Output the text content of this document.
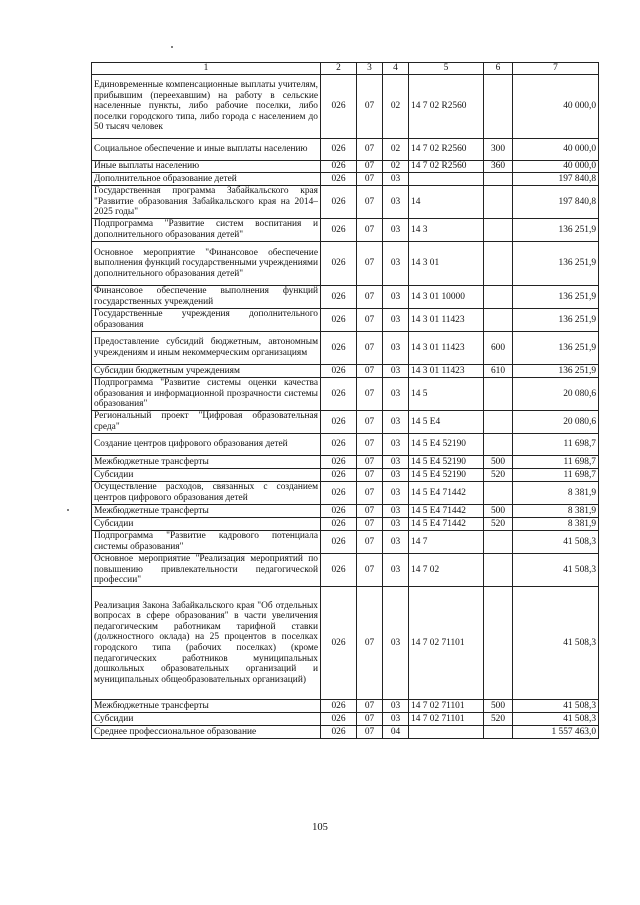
1	2	3	4	5	6	7
Единовременные компенсационные выплаты учителям, прибывшим (переехавшим) на работу в сельские населенные пункты, либо рабочие поселки, либо поселки городского типа, либо города с населением до 50 тысяч человек	026	07	02	14 7 02 R2560		40 000,0
Социальное обеспечение и иные выплаты населению	026	07	02	14 7 02 R2560	300	40 000,0
Иные выплаты населению	026	07	02	14 7 02 R2560	360	40 000,0
Дополнительное образование детей	026	07	03			197 840,8
Государственная программа Забайкальского края "Развитие образования Забайкальского края на 2014–2025 годы"	026	07	03	14		197 840,8
Подпрограмма "Развитие систем воспитания и дополнительного образования детей"	026	07	03	14 3		136 251,9
Основное мероприятие "Финансовое обеспечение выполнения функций государственными учреждениями дополнительного образования детей"	026	07	03	14 3 01		136 251,9
Финансовое обеспечение выполнения функций государственных учреждений	026	07	03	14 3 01 10000		136 251,9
Государственные учреждения дополнительного образования	026	07	03	14 3 01 11423		136 251,9
Предоставление субсидий бюджетным, автономным учреждениям и иным некоммерческим организациям	026	07	03	14 3 01 11423	600	136 251,9
Субсидии бюджетным учреждениям	026	07	03	14 3 01 11423	610	136 251,9
Подпрограмма "Развитие системы оценки качества образования и информационной прозрачности системы образования"	026	07	03	14 5		20 080,6
Региональный проект "Цифровая образовательная среда"	026	07	03	14 5 E4		20 080,6
Создание центров цифрового образования детей	026	07	03	14 5 E4 52190		11 698,7
Межбюджетные трансферты	026	07	03	14 5 E4 52190	500	11 698,7
Субсидии	026	07	03	14 5 E4 52190	520	11 698,7
Осуществление расходов, связанных с созданием центров цифрового образования детей	026	07	03	14 5 E4 71442		8 381,9
Межбюджетные трансферты	026	07	03	14 5 E4 71442	500	8 381,9
Субсидии	026	07	03	14 5 E4 71442	520	8 381,9
Подпрограмма "Развитие кадрового потенциала системы образования"	026	07	03	14 7		41 508,3
Основное мероприятие "Реализация мероприятий по повышению привлекательности педагогической профессии"	026	07	03	14 7 02		41 508,3
Реализация Закона Забайкальского края "Об отдельных вопросах в сфере образования" в части увеличения педагогическим работникам тарифной ставки (должностного оклада) на 25 процентов в поселках городского типа (рабочих поселках) (кроме педагогических работников муниципальных дошкольных образовательных организаций и муниципальных общеобразовательных организаций)	026	07	03	14 7 02 71101		41 508,3
Межбюджетные трансферты	026	07	03	14 7 02 71101	500	41 508,3
Субсидии	026	07	03	14 7 02 71101	520	41 508,3
Среднее профессиональное образование	026	07	04			1 557 463,0
105
